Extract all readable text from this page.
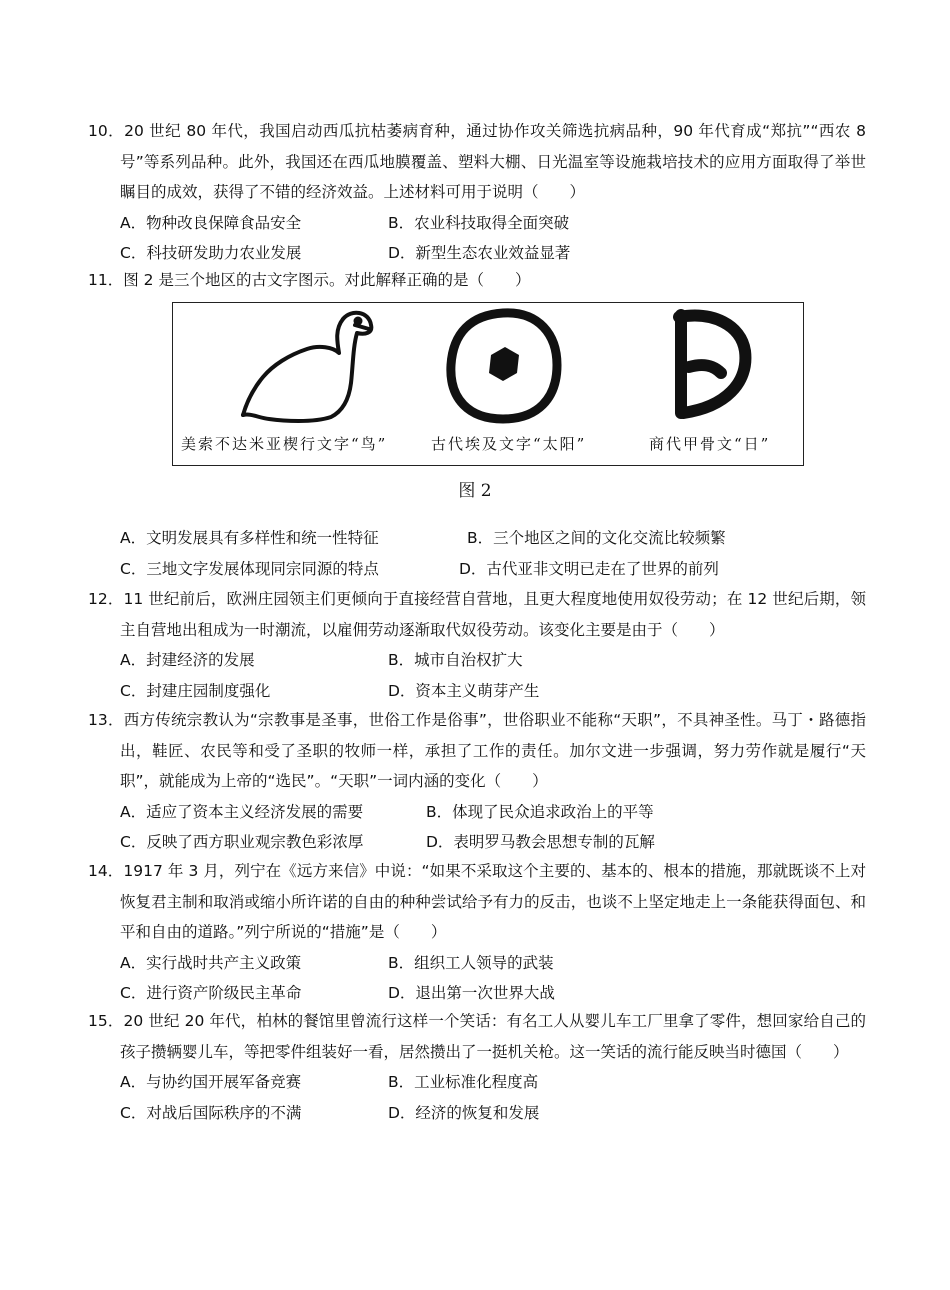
10．20 世纪 80 年代，我国启动西瓜抗枯萎病育种，通过协作攻关筛选抗病品种，90 年代育成“郑抗”“西农 8 号”等系列品种。此外，我国还在西瓜地膜覆盖、塑料大棚、日光温室等设施栽培技术的应用方面取得了举世瞩目的成效，获得了不错的经济效益。上述材料可用于说明（　　）

A．物种改良保障食品安全	B．农业科技取得全面突破
C．科技研发助力农业发展	D．新型生态农业效益显著

11．图 2 是三个地区的古文字图示。对此解释正确的是（　　）

美索不达米亚楔行文字“鸟”	古代埃及文字“太阳”	商代甲骨文“日”
图 2
A．文明发展具有多样性和统一性特征	B．三个地区之间的文化交流比较频繁
C．三地文字发展体现同宗同源的特点	D．古代亚非文明已走在了世界的前列

12．11 世纪前后，欧洲庄园领主们更倾向于直接经营自营地，且更大程度地使用奴役劳动；在 12 世纪后期，领主自营地出租成为一时潮流，以雇佣劳动逐渐取代奴役劳动。该变化主要是由于（　　）

A．封建经济的发展	B．城市自治权扩大
C．封建庄园制度强化	D．资本主义萌芽产生

13．西方传统宗教认为“宗教事是圣事，世俗工作是俗事”，世俗职业不能称“天职”，不具神圣性。马丁・路德指出，鞋匠、农民等和受了圣职的牧师一样，承担了工作的责任。加尔文进一步强调，努力劳作就是履行“天职”，就能成为上帝的“选民”。“天职”一词内涵的变化（　　）

A．适应了资本主义经济发展的需要	B．体现了民众追求政治上的平等
C．反映了西方职业观宗教色彩浓厚	D．表明罗马教会思想专制的瓦解

14．1917 年 3 月，列宁在《远方来信》中说：“如果不采取这个主要的、基本的、根本的措施，那就既谈不上对恢复君主制和取消或缩小所许诺的自由的种种尝试给予有力的反击，也谈不上坚定地走上一条能获得面包、和平和自由的道路。”列宁所说的“措施”是（　　）

A．实行战时共产主义政策	B．组织工人领导的武装
C．进行资产阶级民主革命	D．退出第一次世界大战

15．20 世纪 20 年代，柏林的餐馆里曾流行这样一个笑话：有名工人从婴儿车工厂里拿了零件，想回家给自己的孩子攒辆婴儿车，等把零件组装好一看，居然攒出了一挺机关枪。这一笑话的流行能反映当时德国（　　）

A．与协约国开展军备竞赛	B．工业标准化程度高
C．对战后国际秩序的不满	D．经济的恢复和发展
